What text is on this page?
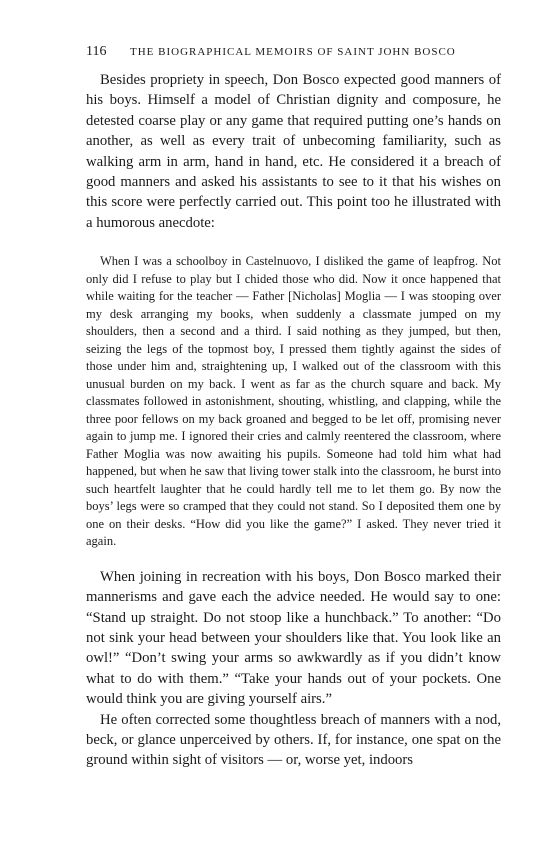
116	THE BIOGRAPHICAL MEMOIRS OF SAINT JOHN BOSCO

Besides propriety in speech, Don Bosco expected good manners of his boys. Himself a model of Christian dignity and composure, he detested coarse play or any game that required putting one’s hands on another, as well as every trait of unbecoming familiarity, such as walking arm in arm, hand in hand, etc. He considered it a breach of good manners and asked his assistants to see to it that his wishes on this score were perfectly carried out. This point too he illustrated with a humorous anecdote:

When I was a schoolboy in Castelnuovo, I disliked the game of leapfrog. Not only did I refuse to play but I chided those who did. Now it once happened that while waiting for the teacher — Father [Nicholas] Moglia — I was stooping over my desk arranging my books, when suddenly a classmate jumped on my shoulders, then a second and a third. I said nothing as they jumped, but then, seizing the legs of the topmost boy, I pressed them tightly against the sides of those under him and, straightening up, I walked out of the classroom with this unusual burden on my back. I went as far as the church square and back. My classmates followed in astonishment, shouting, whistling, and clapping, while the three poor fellows on my back groaned and begged to be let off, promising never again to jump me. I ignored their cries and calmly reentered the classroom, where Father Moglia was now awaiting his pupils. Someone had told him what had happened, but when he saw that living tower stalk into the classroom, he burst into such heartfelt laughter that he could hardly tell me to let them go. By now the boys’ legs were so cramped that they could not stand. So I deposited them one by one on their desks. “How did you like the game?” I asked. They never tried it again.

When joining in recreation with his boys, Don Bosco marked their mannerisms and gave each the advice needed. He would say to one: “Stand up straight. Do not stoop like a hunchback.” To another: “Do not sink your head between your shoulders like that. You look like an owl!” “Don’t swing your arms so awkwardly as if you didn’t know what to do with them.” “Take your hands out of your pockets. One would think you are giving yourself airs.”

He often corrected some thoughtless breach of manners with a nod, beck, or glance unperceived by others. If, for instance, one spat on the ground within sight of visitors — or, worse yet, indoors
